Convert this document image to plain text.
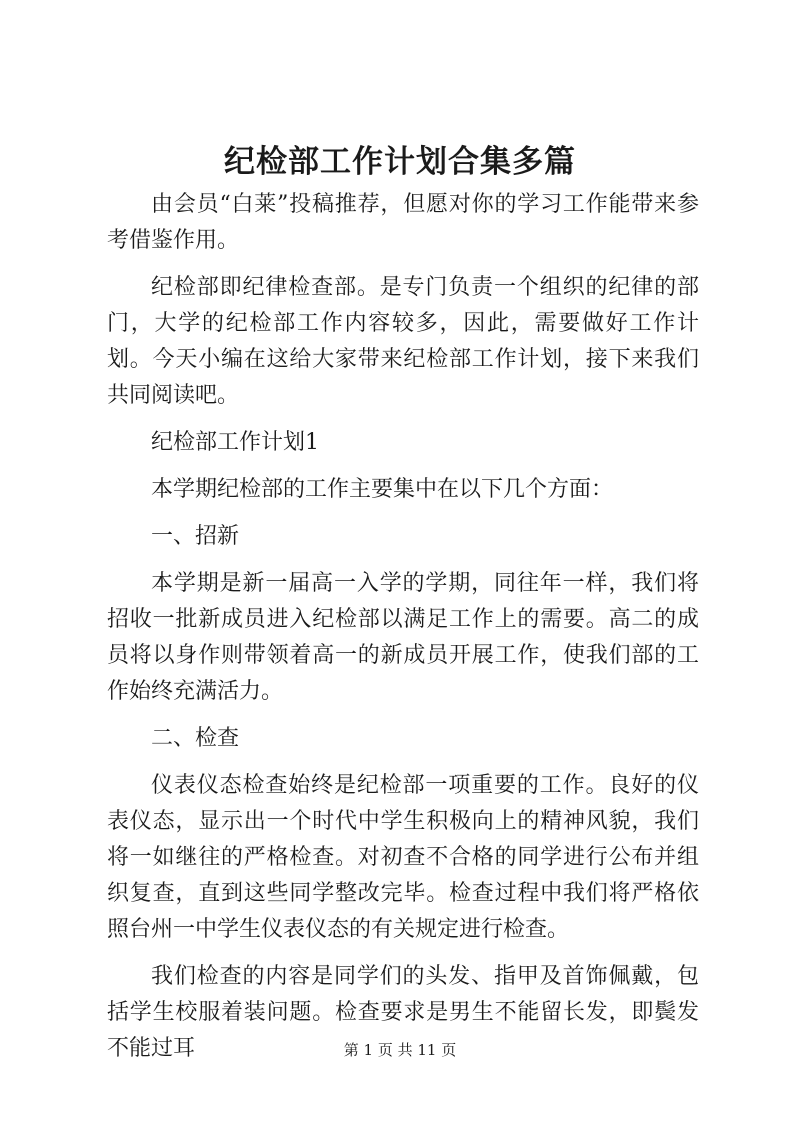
纪检部工作计划合集多篇

由会员“白莱”投稿推荐，但愿对你的学习工作能带来参考借鉴作用。

纪检部即纪律检查部。是专门负责一个组织的纪律的部门，大学的纪检部工作内容较多，因此，需要做好工作计划。今天小编在这给大家带来纪检部工作计划，接下来我们共同阅读吧。

纪检部工作计划1

本学期纪检部的工作主要集中在以下几个方面：

一、招新

本学期是新一届高一入学的学期，同往年一样，我们将招收一批新成员进入纪检部以满足工作上的需要。高二的成员将以身作则带领着高一的新成员开展工作，使我们部的工作始终充满活力。

二、检查

仪表仪态检查始终是纪检部一项重要的工作。良好的仪表仪态，显示出一个时代中学生积极向上的精神风貌，我们将一如继往的严格检查。对初查不合格的同学进行公布并组织复查，直到这些同学整改完毕。检查过程中我们将严格依照台州一中学生仪表仪态的有关规定进行检查。

我们检查的内容是同学们的头发、指甲及首饰佩戴，包括学生校服着装问题。检查要求是男生不能留长发，即鬓发不能过耳	第 1 页 共 11 页
